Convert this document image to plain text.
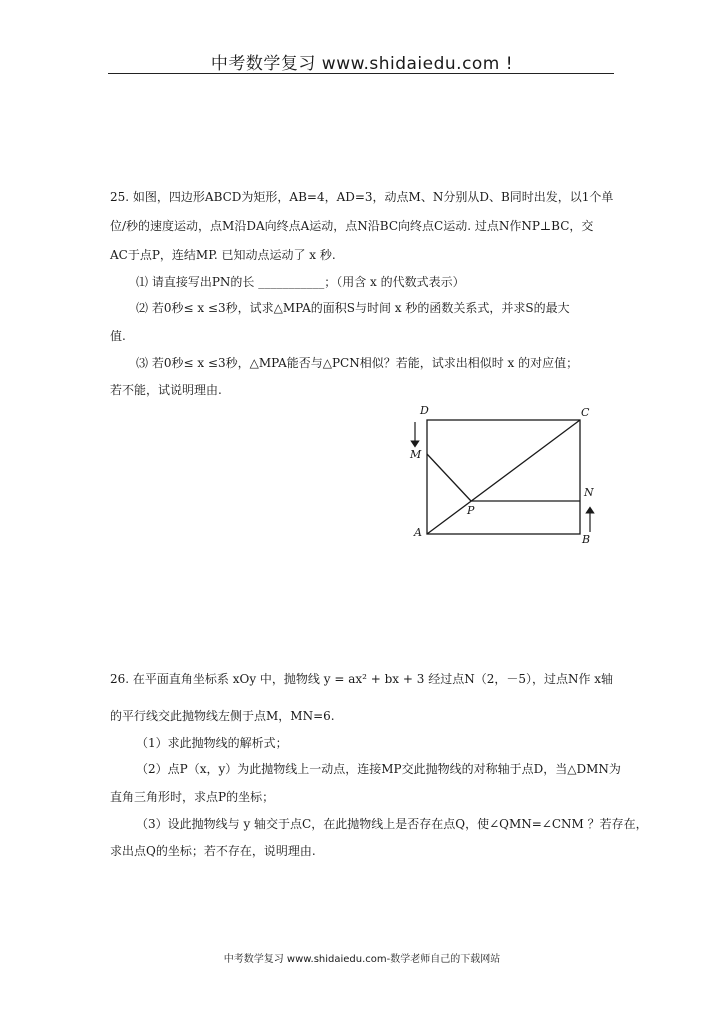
中考数学复习 www.shidaiedu.com !
25. 如图，四边形ABCD为矩形，AB=4，AD=3，动点M、N分别从D、B同时出发，以1个单
位/秒的速度运动，点M沿DA向终点A运动，点N沿BC向终点C运动. 过点N作NP⊥BC，交
AC于点P，连结MP. 已知动点运动了 x 秒.
⑴ 请直接写出PN的长 ___________；（用含 x 的代数式表示）
⑵ 若0秒≤ x ≤3秒，试求△MPA的面积S与时间 x 秒的函数关系式，并求S的最大
值.
⑶ 若0秒≤ x ≤3秒，△MPA能否与△PCN相似？若能，试求出相似时 x 的对应值；
若不能，试说明理由.
D	C
M
N
P
A
B
26. 在平面直角坐标系 xOy 中，抛物线 y = ax² + bx + 3 经过点N（2，－5），过点N作 x轴
的平行线交此抛物线左侧于点M，MN=6.
（1）求此抛物线的解析式；
（2）点P（x，y）为此抛物线上一动点，连接MP交此抛物线的对称轴于点D，当△DMN为
直角三角形时，求点P的坐标；
（3）设此抛物线与 y 轴交于点C，在此抛物线上是否存在点Q，使∠QMN=∠CNM ？若存在，
求出点Q的坐标；若不存在，说明理由.
中考数学复习 www.shidaiedu.com-数学老师自己的下载网站
